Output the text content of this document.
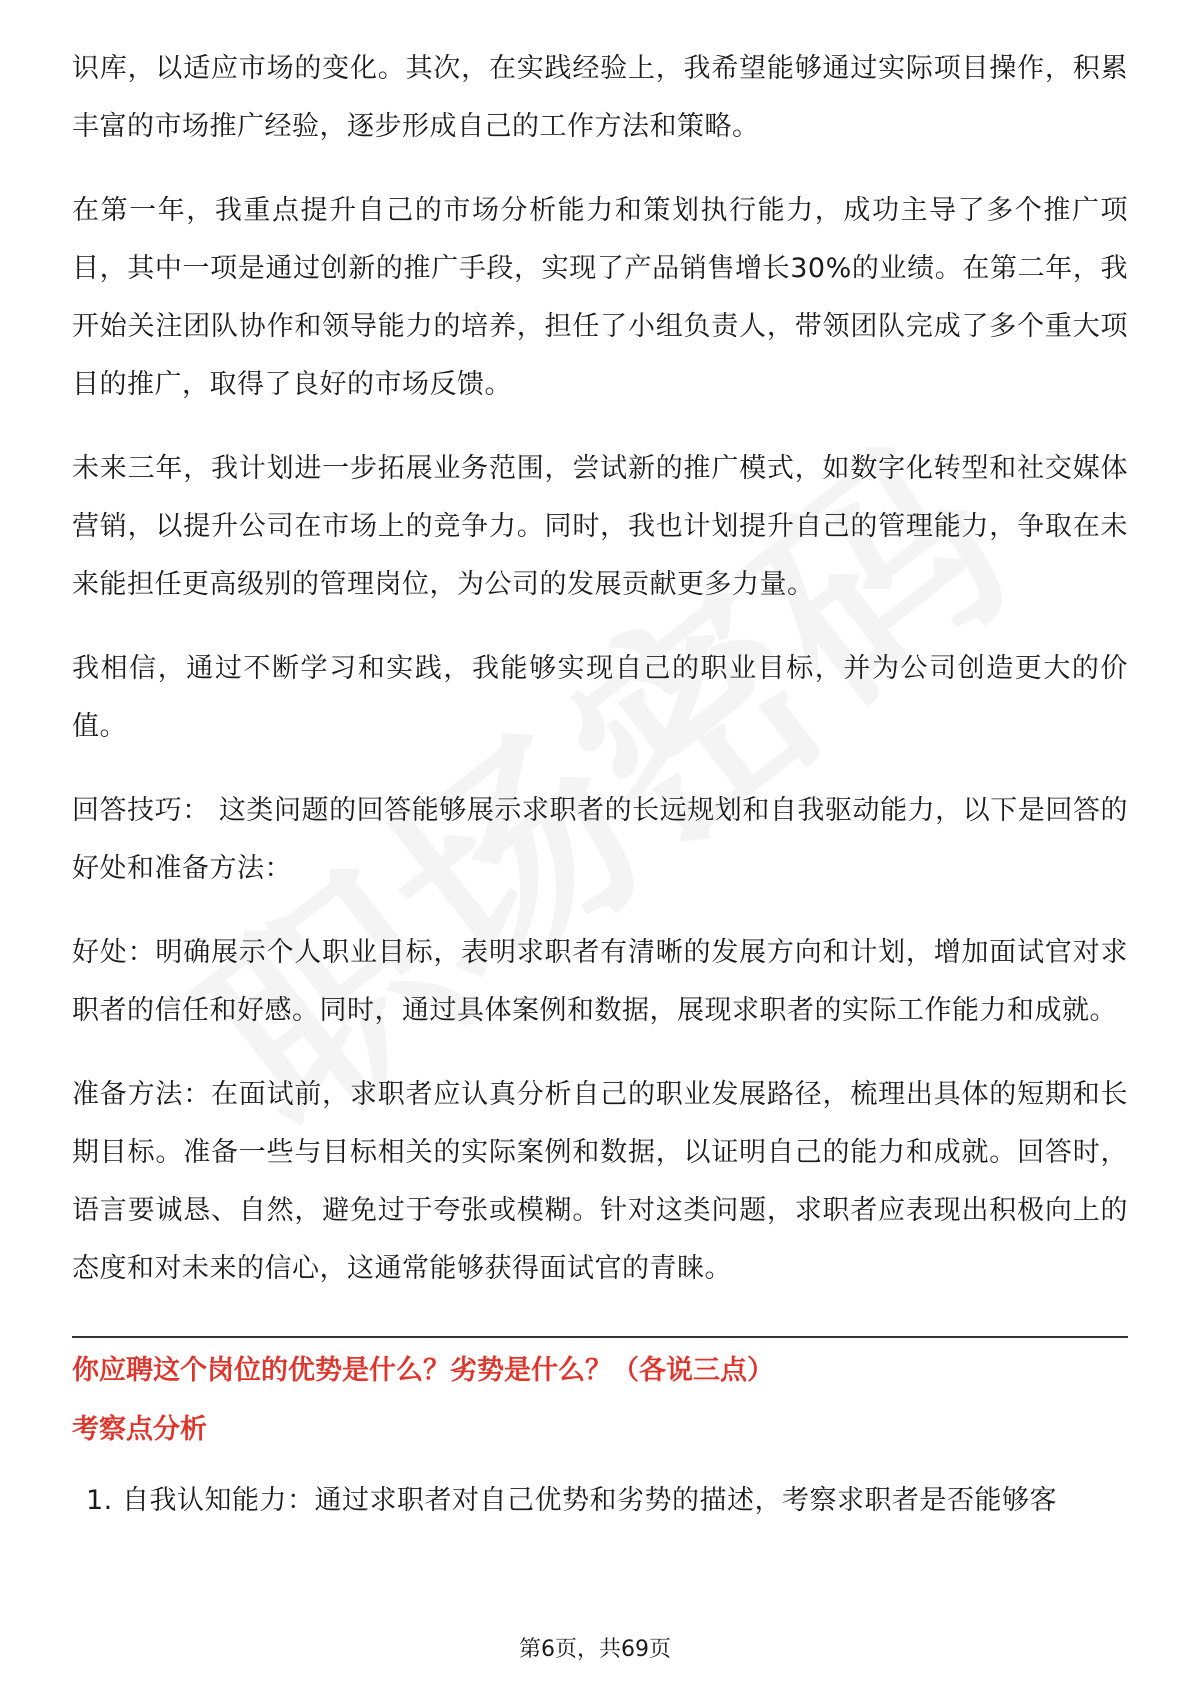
识库，以适应市场的变化。其次，在实践经验上，我希望能够通过实际项目操作，积累丰富的市场推广经验，逐步形成自己的工作方法和策略。

在第一年，我重点提升自己的市场分析能力和策划执行能力，成功主导了多个推广项目，其中一项是通过创新的推广手段，实现了产品销售增长30%的业绩。在第二年，我开始关注团队协作和领导能力的培养，担任了小组负责人，带领团队完成了多个重大项目的推广，取得了良好的市场反馈。

未来三年，我计划进一步拓展业务范围，尝试新的推广模式，如数字化转型和社交媒体营销，以提升公司在市场上的竞争力。同时，我也计划提升自己的管理能力，争取在未来能担任更高级别的管理岗位，为公司的发展贡献更多力量。

我相信，通过不断学习和实践，我能够实现自己的职业目标，并为公司创造更大的价值。

回答技巧： 这类问题的回答能够展示求职者的长远规划和自我驱动能力，以下是回答的好处和准备方法：

好处：明确展示个人职业目标，表明求职者有清晰的发展方向和计划，增加面试官对求职者的信任和好感。同时，通过具体案例和数据，展现求职者的实际工作能力和成就。

准备方法：在面试前，求职者应认真分析自己的职业发展路径，梳理出具体的短期和长期目标。准备一些与目标相关的实际案例和数据，以证明自己的能力和成就。回答时，语言要诚恳、自然，避免过于夸张或模糊。针对这类问题，求职者应表现出积极向上的态度和对未来的信心，这通常能够获得面试官的青睐。

你应聘这个岗位的优势是什么？劣势是什么？（各说三点）
考察点分析
1. 自我认知能力：通过求职者对自己优势和劣势的描述，考察求职者是否能够客
第6页，共69页
